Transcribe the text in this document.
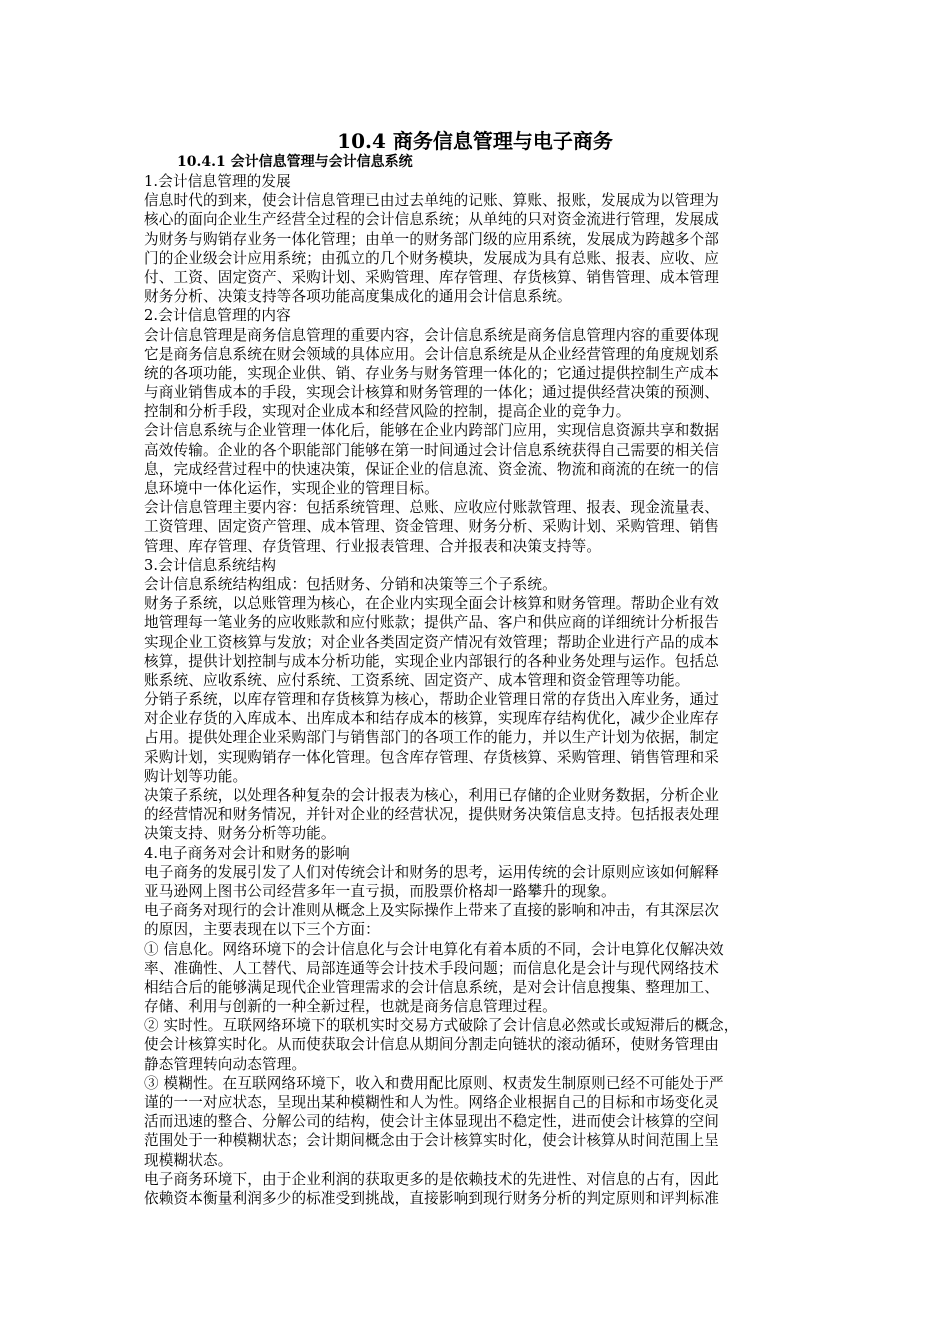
10.4 商务信息管理与电子商务
10.4.1 会计信息管理与会计信息系统
1.会计信息管理的发展
信息时代的到来，使会计信息管理已由过去单纯的记账、算账、报账，发展成为以管理为
核心的面向企业生产经营全过程的会计信息系统；从单纯的只对资金流进行管理，发展成
为财务与购销存业务一体化管理；由单一的财务部门级的应用系统，发展成为跨越多个部
门的企业级会计应用系统；由孤立的几个财务模块，发展成为具有总账、报表、应收、应
付、工资、固定资产、采购计划、采购管理、库存管理、存货核算、销售管理、成本管理
财务分析、决策支持等各项功能高度集成化的通用会计信息系统。
2.会计信息管理的内容
会计信息管理是商务信息管理的重要内容，会计信息系统是商务信息管理内容的重要体现
它是商务信息系统在财会领域的具体应用。会计信息系统是从企业经营管理的角度规划系
统的各项功能，实现企业供、销、存业务与财务管理一体化的；它通过提供控制生产成本
与商业销售成本的手段，实现会计核算和财务管理的一体化；通过提供经营决策的预测、
控制和分析手段，实现对企业成本和经营风险的控制，提高企业的竞争力。
会计信息系统与企业管理一体化后，能够在企业内跨部门应用，实现信息资源共享和数据
高效传输。企业的各个职能部门能够在第一时间通过会计信息系统获得自己需要的相关信
息，完成经营过程中的快速决策，保证企业的信息流、资金流、物流和商流的在统一的信
息环境中一体化运作，实现企业的管理目标。
会计信息管理主要内容：包括系统管理、总账、应收应付账款管理、报表、现金流量表、
工资管理、固定资产管理、成本管理、资金管理、财务分析、采购计划、采购管理、销售
管理、库存管理、存货管理、行业报表管理、合并报表和决策支持等。
3.会计信息系统结构
会计信息系统结构组成：包括财务、分销和决策等三个子系统。
财务子系统，以总账管理为核心，在企业内实现全面会计核算和财务管理。帮助企业有效
地管理每一笔业务的应收账款和应付账款；提供产品、客户和供应商的详细统计分析报告
实现企业工资核算与发放；对企业各类固定资产情况有效管理；帮助企业进行产品的成本
核算，提供计划控制与成本分析功能，实现企业内部银行的各种业务处理与运作。包括总
账系统、应收系统、应付系统、工资系统、固定资产、成本管理和资金管理等功能。
分销子系统，以库存管理和存货核算为核心，帮助企业管理日常的存货出入库业务，通过
对企业存货的入库成本、出库成本和结存成本的核算，实现库存结构优化，减少企业库存
占用。提供处理企业采购部门与销售部门的各项工作的能力，并以生产计划为依据，制定
采购计划，实现购销存一体化管理。包含库存管理、存货核算、采购管理、销售管理和采
购计划等功能。
决策子系统，以处理各种复杂的会计报表为核心，利用已存储的企业财务数据，分析企业
的经营情况和财务情况，并针对企业的经营状况，提供财务决策信息支持。包括报表处理
决策支持、财务分析等功能。
4.电子商务对会计和财务的影响
电子商务的发展引发了人们对传统会计和财务的思考，运用传统的会计原则应该如何解释
亚马逊网上图书公司经营多年一直亏损，而股票价格却一路攀升的现象。
电子商务对现行的会计准则从概念上及实际操作上带来了直接的影响和冲击，有其深层次
的原因，主要表现在以下三个方面：
① 信息化。网络环境下的会计信息化与会计电算化有着本质的不同，会计电算化仅解决效
率、准确性、人工替代、局部连通等会计技术手段问题；而信息化是会计与现代网络技术
相结合后的能够满足现代企业管理需求的会计信息系统，是对会计信息搜集、整理加工、
存储、利用与创新的一种全新过程，也就是商务信息管理过程。
② 实时性。互联网络环境下的联机实时交易方式破除了会计信息必然或长或短滞后的概念，
使会计核算实时化。从而使获取会计信息从期间分割走向链状的滚动循环，使财务管理由
静态管理转向动态管理。
③ 模糊性。在互联网络环境下，收入和费用配比原则、权责发生制原则已经不可能处于严
谨的一一对应状态，呈现出某种模糊性和人为性。网络企业根据自己的目标和市场变化灵
活而迅速的整合、分解公司的结构，使会计主体显现出不稳定性，进而使会计核算的空间
范围处于一种模糊状态；会计期间概念由于会计核算实时化，使会计核算从时间范围上呈
现模糊状态。
电子商务环境下，由于企业利润的获取更多的是依赖技术的先进性、对信息的占有，因此
依赖资本衡量利润多少的标准受到挑战，直接影响到现行财务分析的判定原则和评判标准
